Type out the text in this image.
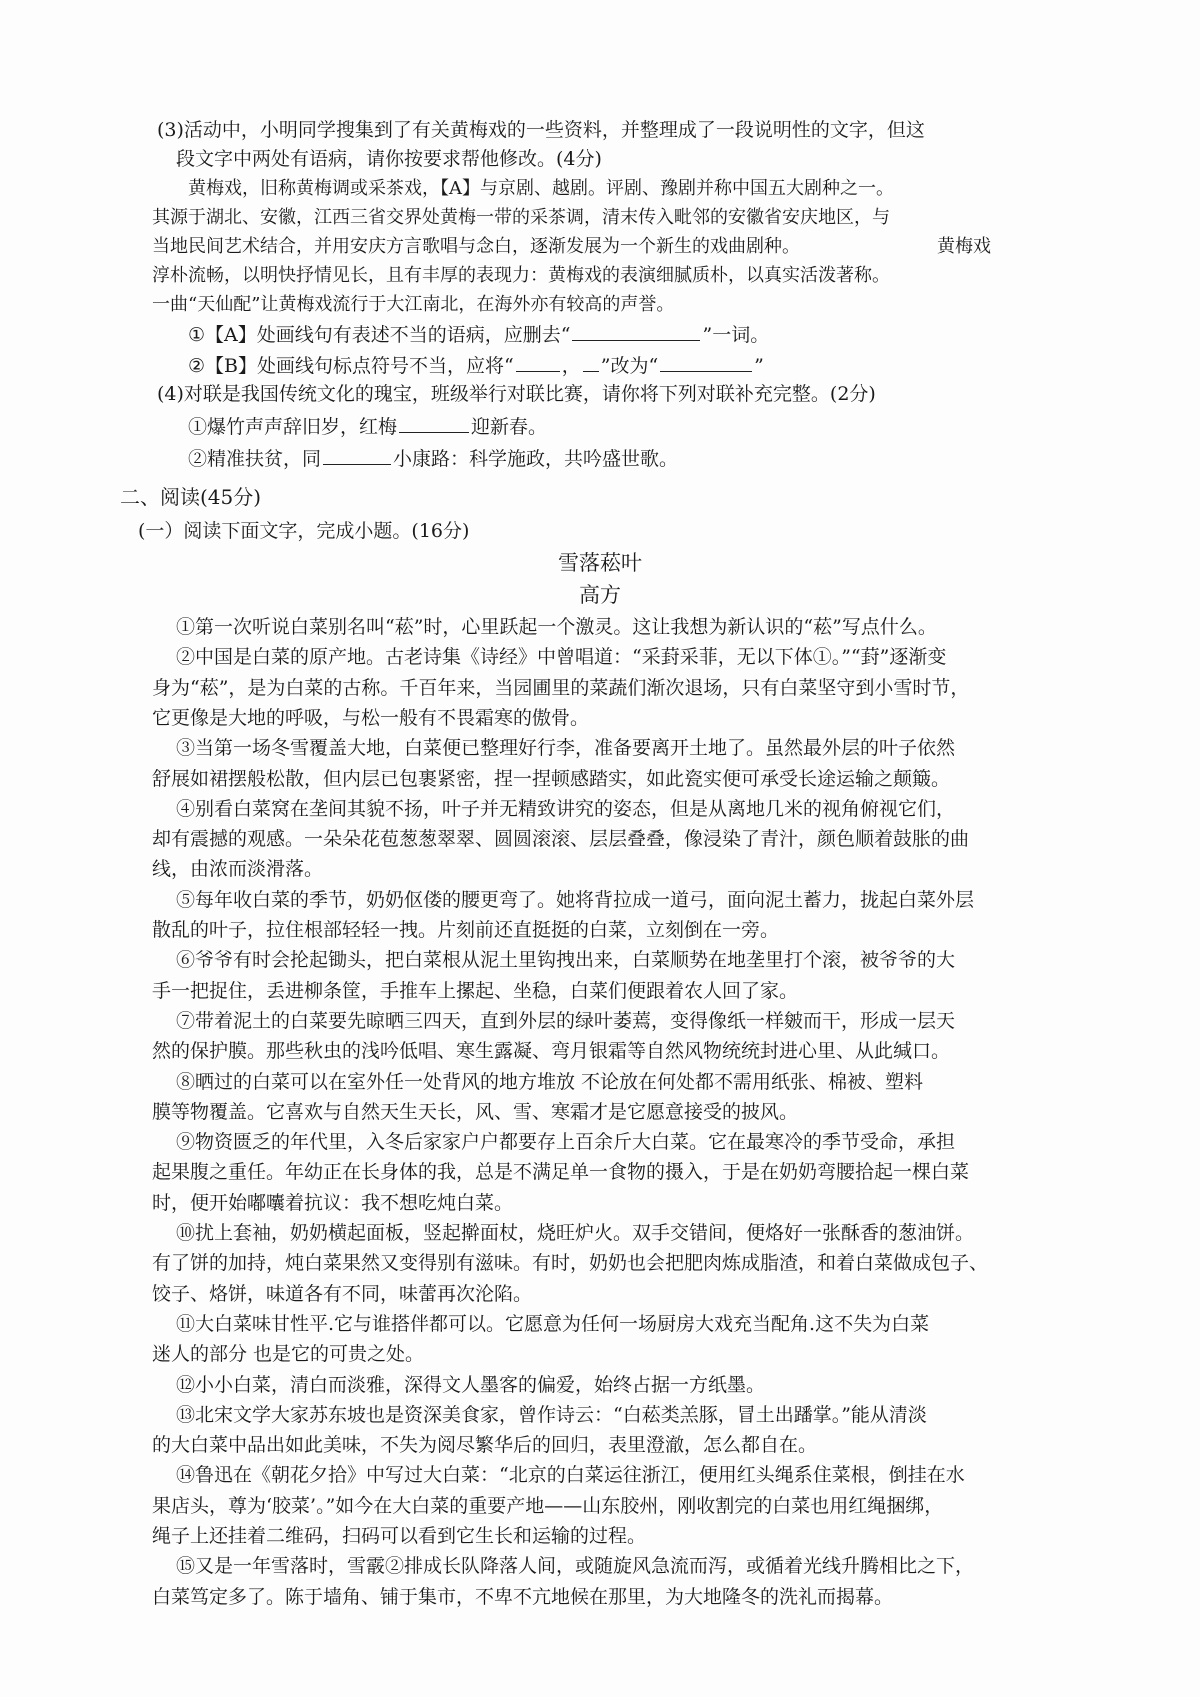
(3)活动中，小明同学搜集到了有关黄梅戏的一些资料，并整理成了一段说明性的文字，但这
段文字中两处有语病，请你按要求帮他修改。(4分)
黄梅戏，旧称黄梅调或采茶戏，【A】与京剧、越剧。评剧、豫剧并称中国五大剧种之一。
其源于湖北、安徽，江西三省交界处黄梅一带的采茶调，清末传入毗邻的安徽省安庆地区，与
当地民间艺术结合，并用安庆方言歌唱与念白，逐渐发展为一个新生的戏曲剧种。	黄梅戏
淳朴流畅，以明快抒情见长，且有丰厚的表现力：黄梅戏的表演细腻质朴，以真实活泼著称。
一曲“天仙配”让黄梅戏流行于大江南北，在海外亦有较高的声誉。
①【A】处画线句有表述不当的语病，应删去“	”一词。
②【B】处画线句标点符号不当，应将“	， ”改为“	”
(4)对联是我国传统文化的瑰宝，班级举行对联比赛，请你将下列对联补充完整。(2分)
①爆竹声声辞旧岁，红梅	迎新春。
②精准扶贫，同	小康路：科学施政，共吟盛世歌。
二、阅读(45分)
(一）阅读下面文字，完成小题。(16分)
雪落菘叶
高方
①第一次听说白菜别名叫“菘”时，心里跃起一个激灵。这让我想为新认识的“菘”写点什么。
②中国是白菜的原产地。古老诗集《诗经》中曾唱道：“采葑采菲，无以下体①。”“葑”逐渐变
身为“菘”，是为白菜的古称。千百年来，当园圃里的菜蔬们渐次退场，只有白菜坚守到小雪时节，
它更像是大地的呼吸，与松一般有不畏霜寒的傲骨。
③当第一场冬雪覆盖大地，白菜便已整理好行李，准备要离开土地了。虽然最外层的叶子依然
舒展如裙摆般松散，但内层已包裹紧密，捏一捏顿感踏实，如此瓷实便可承受长途运输之颠簸。
④别看白菜窝在垄间其貌不扬，叶子并无精致讲究的姿态，但是从离地几米的视角俯视它们，
却有震撼的观感。一朵朵花苞葱葱翠翠、圆圆滚滚、层层叠叠，像浸染了青汁，颜色顺着鼓胀的曲
线，由浓而淡滑落。
⑤每年收白菜的季节，奶奶伛偻的腰更弯了。她将背拉成一道弓，面向泥土蓄力，拢起白菜外层
散乱的叶子，拉住根部轻轻一拽。片刻前还直挺挺的白菜，立刻倒在一旁。
⑥爷爷有时会抡起锄头，把白菜根从泥土里钩拽出来，白菜顺势在地垄里打个滚，被爷爷的大
手一把捉住，丢进柳条筐，手推车上摞起、坐稳，白菜们便跟着农人回了家。
⑦带着泥土的白菜要先晾晒三四天，直到外层的绿叶萎蔫，变得像纸一样皴而干，形成一层天
然的保护膜。那些秋虫的浅吟低唱、寒生露凝、弯月银霜等自然风物统统封进心里、从此缄口。
⑧晒过的白菜可以在室外任一处背风的地方堆放 不论放在何处都不需用纸张、棉被、塑料
膜等物覆盖。它喜欢与自然天生天长，风、雪、寒霜才是它愿意接受的披风。
⑨物资匮乏的年代里，入冬后家家户户都要存上百余斤大白菜。它在最寒冷的季节受命，承担
起果腹之重任。年幼正在长身体的我，总是不满足单一食物的摄入，于是在奶奶弯腰拾起一棵白菜
时，便开始嘟囔着抗议：我不想吃炖白菜。
⑩扰上套袖，奶奶横起面板，竖起擀面杖，烧旺炉火。双手交错间，便烙好一张酥香的葱油饼。
有了饼的加持，炖白菜果然又变得别有滋味。有时，奶奶也会把肥肉炼成脂渣，和着白菜做成包子、
饺子、烙饼，味道各有不同，味蕾再次沦陷。
⑪大白菜味甘性平.它与谁搭伴都可以。它愿意为任何一场厨房大戏充当配角.这不失为白菜
迷人的部分 也是它的可贵之处。
⑫小小白菜，清白而淡雅，深得文人墨客的偏爱，始终占据一方纸墨。
⑬北宋文学大家苏东坡也是资深美食家，曾作诗云：“白菘类羔豚，冒土出蹯掌。”能从清淡
的大白菜中品出如此美味，不失为阅尽繁华后的回归，表里澄澈，怎么都自在。
⑭鲁迅在《朝花夕拾》中写过大白菜：“北京的白菜运往浙江，便用红头绳系住菜根，倒挂在水
果店头，尊为‘胶菜’。”如今在大白菜的重要产地——山东胶州，刚收割完的白菜也用红绳捆绑，
绳子上还挂着二维码，扫码可以看到它生长和运输的过程。
⑮又是一年雪落时，雪霰②排成长队降落人间，或随旋风急流而泻，或循着光线升腾相比之下，
白菜笃定多了。陈于墙角、铺于集市，不卑不亢地候在那里，为大地隆冬的洗礼而揭幕。
